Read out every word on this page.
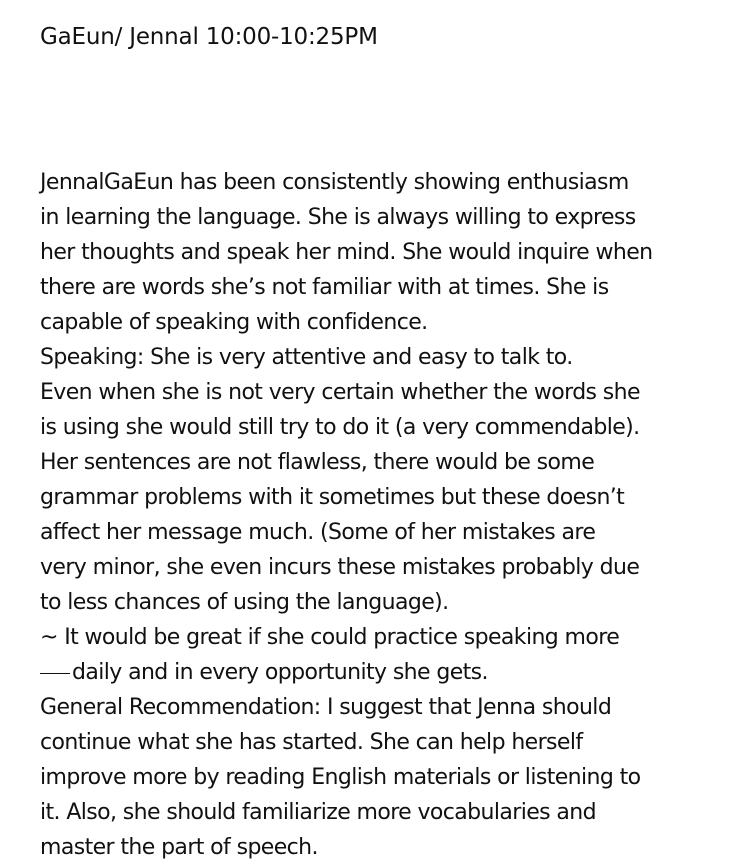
GaEun/ Jennal 10:00-10:25PM
JennalGaEun has been consistently showing enthusiasm
in learning the language. She is always willing to express
her thoughts and speak her mind. She would inquire when
there are words she’s not familiar with at times. She is
capable of speaking with confidence.
Speaking: She is very attentive and easy to talk to.
Even when she is not very certain whether the words she
is using she would still try to do it (a very commendable).
Her sentences are not flawless, there would be some
grammar problems with it sometimes but these doesn’t
affect her message much. (Some of her mistakes are
very minor, she even incurs these mistakes probably due
to less chances of using the language).
~ It would be great if she could practice speaking more
daily and in every opportunity she gets.
General Recommendation: I suggest that Jenna should
continue what she has started. She can help herself
improve more by reading English materials or listening to
it. Also, she should familiarize more vocabularies and
master the part of speech.
